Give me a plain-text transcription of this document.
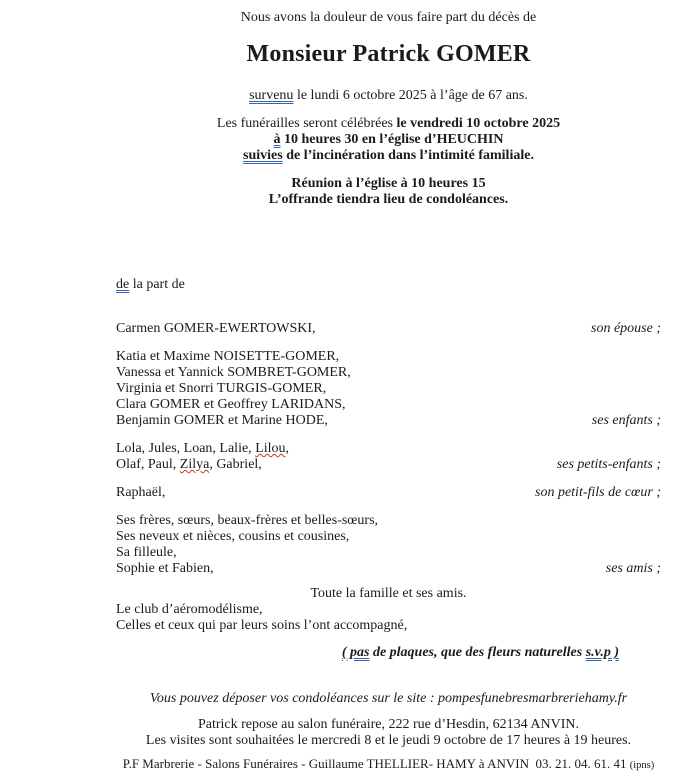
Nous avons la douleur de vous faire part du décès de
Monsieur Patrick GOMER
survenu le lundi 6 octobre 2025 à l’âge de 67 ans.
Les funérailles seront célébrées le vendredi 10 octobre 2025
à 10 heures 30 en l’église d’HEUCHIN
suivies de l’incinération dans l’intimité familiale.
Réunion à l’église à 10 heures 15
L’offrande tiendra lieu de condoléances.
de la part de
Carmen GOMER-EWERTOWSKI,	son épouse ;
Katia et Maxime NOISETTE-GOMER,
Vanessa et Yannick SOMBRET-GOMER,
Virginia et Snorri TURGIS-GOMER,
Clara GOMER et Geoffrey LARIDANS,
Benjamin GOMER et Marine HODE,	ses enfants ;
Lola, Jules, Loan, Lalie, Lilou,
Olaf, Paul, Zilya, Gabriel,	ses petits-enfants ;
Raphaël,	son petit-fils de cœur ;
Ses frères, sœurs, beaux-frères et belles-sœurs,
Ses neveux et nièces, cousins et cousines,
Sa filleule,
Sophie et Fabien,	ses amis ;
Toute la famille et ses amis.
Le club d’aéromodélisme,
Celles et ceux qui par leurs soins l’ont accompagné,
( pas de plaques, que des fleurs naturelles s.v.p )
Vous pouvez déposer vos condoléances sur le site : pompesfunebresmarbreriehamy.fr
Patrick repose au salon funéraire, 222 rue d’Hesdin, 62134 ANVIN.
Les visites sont souhaitées le mercredi 8 et le jeudi 9 octobre de 17 heures à 19 heures.
P.F Marbrerie - Salons Funéraires - Guillaume THELLIER- HAMY à ANVIN  03. 21. 04. 61. 41 (ipns)
